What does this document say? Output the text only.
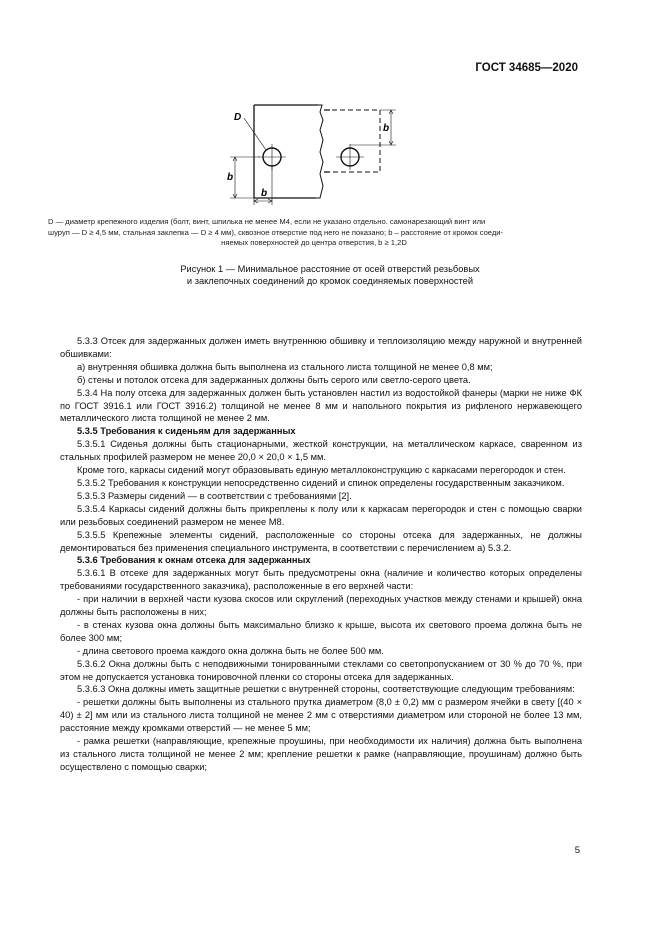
ГОСТ 34685—2020
D
b
b
b
D — диаметр крепежного изделия (болт, винт, шпилька не менее М4, если не указано отдельно. самонарезающий винт или
шуруп — D ≥ 4,5 мм, стальная заклепка — D ≥ 4 мм), сквозное отверстие под него не показано; b – расстояние от кромок соеди-
няемых поверхностей до центра отверстия, b ≥ 1,2D
Рисунок 1 — Минимальное расстояние от осей отверстий резьбовых
и заклепочных соединений до кромок соединяемых поверхностей

5.3.3 Отсек для задержанных должен иметь внутреннюю обшивку и теплоизоляцию между наружной и внутренней обшивками:

а) внутренняя обшивка должна быть выполнена из стального листа толщиной не менее 0,8 мм;

б) стены и потолок отсека для задержанных должны быть серого или светло-серого цвета.

5.3.4 На полу отсека для задержанных должен быть установлен настил из водостойкой фанеры (марки не ниже ФК по ГОСТ 3916.1 или ГОСТ 3916.2) толщиной не менее 8 мм и напольного покрытия из рифленого нержавеющего металлического листа толщиной не менее 2 мм.

5.3.5 Требования к сиденьям для задержанных

5.3.5.1 Сиденья должны быть стационарными, жесткой конструкции, на металлическом каркасе, сваренном из стальных профилей размером не менее 20,0 × 20,0 × 1,5 мм.

Кроме того, каркасы сидений могут образовывать единую металлоконструкцию с каркасами перегородок и стен.

5.3.5.2 Требования к конструкции непосредственно сидений и спинок определены государственным заказчиком.

5.3.5.3 Размеры сидений — в соответствии с требованиями [2].

5.3.5.4 Каркасы сидений должны быть прикреплены к полу или к каркасам перегородок и стен с помощью сварки или резьбовых соединений размером не менее М8.

5.3.5.5 Крепежные элементы сидений, расположенные со стороны отсека для задержанных, не должны демонтироваться без применения специального инструмента, в соответствии с перечислением а) 5.3.2.

5.3.6 Требования к окнам отсека для задержанных

5.3.6.1 В отсеке для задержанных могут быть предусмотрены окна (наличие и количество которых определены требованиями государственного заказчика), расположенные в его верхней части:

- при наличии в верхней части кузова скосов или скруглений (переходных участков между стенами и крышей) окна должны быть расположены в них;

- в стенах кузова окна должны быть максимально близко к крыше, высота их светового проема должна быть не более 300 мм;

- длина светового проема каждого окна должна быть не более 500 мм.

5.3.6.2 Окна должны быть с неподвижными тонированными стеклами со светопропусканием от 30 % до 70 %, при этом не допускается установка тонировочной пленки со стороны отсека для задержанных.

5.3.6.3 Окна должны иметь защитные решетки с внутренней стороны, соответствующие следующим требованиям:

- решетки должны быть выполнены из стального прутка диаметром (8,0 ± 0,2) мм с размером ячейки в свету [(40 × 40) ± 2] мм или из стального листа толщиной не менее 2 мм с отверстиями диаметром или стороной не более 13 мм, расстояние между кромками отверстий — не менее 5 мм;

- рамка решетки (направляющие, крепежные проушины, при необходимости их наличия) должна быть выполнена из стального листа толщиной не менее 2 мм; крепление решетки к рамке (направляющие, проушинам) должно быть осуществлено с помощью сварки;

5
